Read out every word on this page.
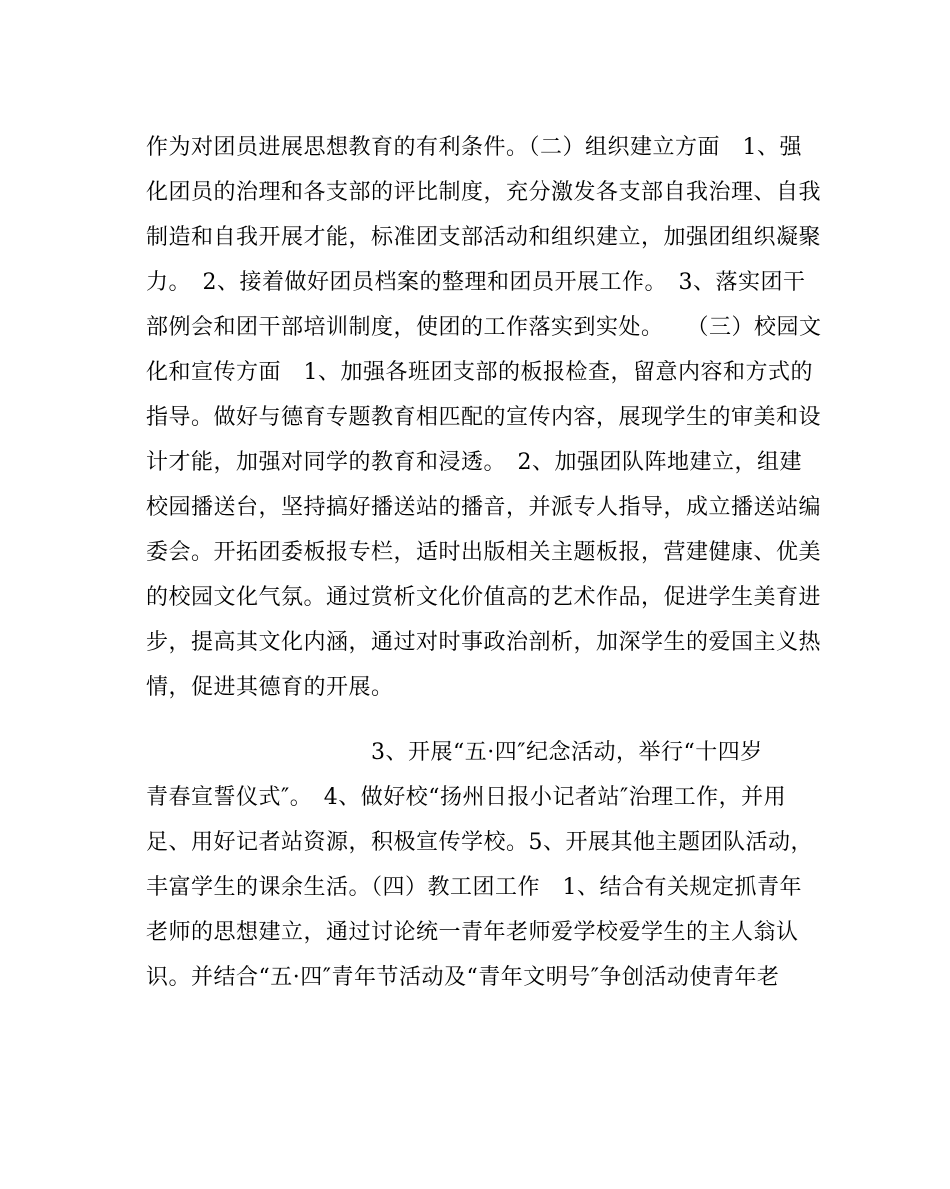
作为对团员进展思想教育的有利条件。（二）组织建立方面　1、强
化团员的治理和各支部的评比制度，充分激发各支部自我治理、自我
制造和自我开展才能，标准团支部活动和组织建立，加强团组织凝聚
力。　2、接着做好团员档案的整理和团员开展工作。　3、落实团干
部例会和团干部培训制度，使团的工作落实到实处。　　（三）校园文
化和宣传方面　1、加强各班团支部的板报检查，留意内容和方式的
指导。做好与德育专题教育相匹配的宣传内容，展现学生的审美和设
计才能，加强对同学的教育和浸透。　2、加强团队阵地建立，组建
校园播送台，坚持搞好播送站的播音，并派专人指导，成立播送站编
委会。开拓团委板报专栏，适时出版相关主题板报，营建健康、优美
的校园文化气氛。通过赏析文化价值高的艺术作品，促进学生美育进
步，提高其文化内涵，通过对时事政治剖析，加深学生的爱国主义热
情，促进其德育的开展。
　　　　　　　　　　3、开展“五·四″纪念活动，举行“十四岁
青春宣誓仪式″。　4、做好校“扬州日报小记者站″治理工作，并用
足、用好记者站资源，积极宣传学校。5、开展其他主题团队活动，
丰富学生的课余生活。（四）教工团工作　1、结合有关规定抓青年
老师的思想建立，通过讨论统一青年老师爱学校爱学生的主人翁认
识。并结合“五·四″青年节活动及“青年文明号″争创活动使青年老
